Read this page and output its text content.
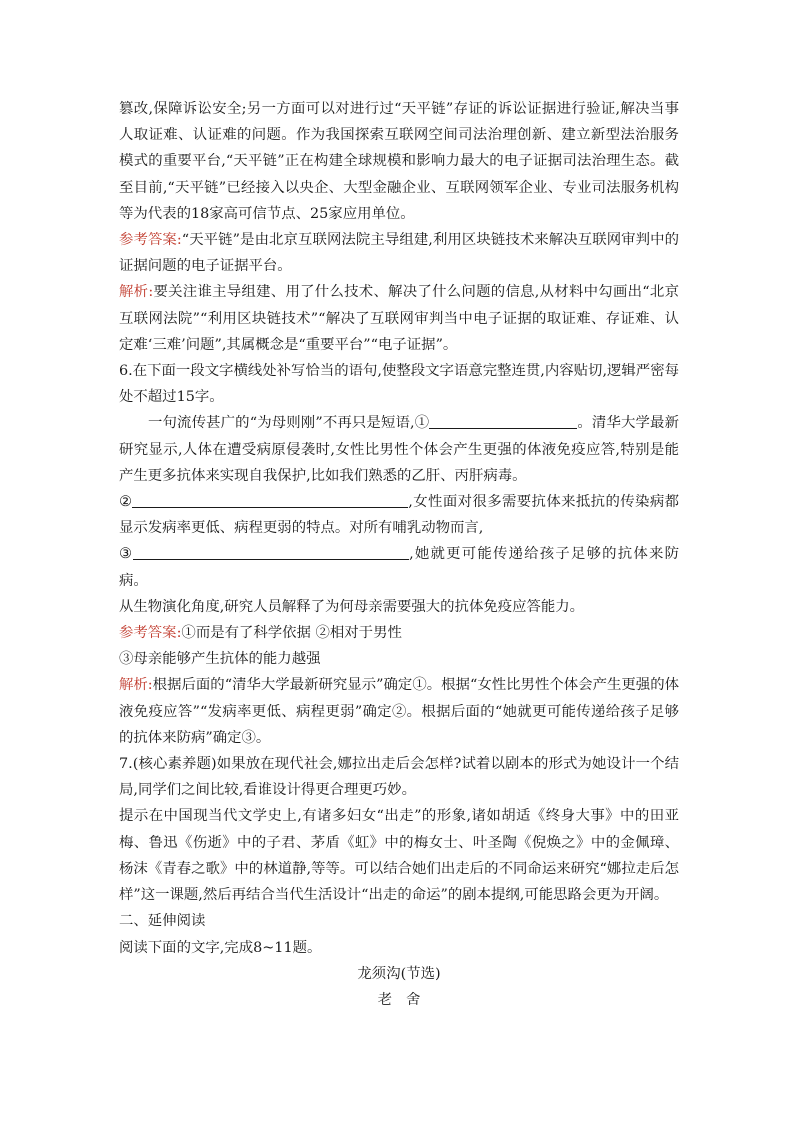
篡改,保障诉讼安全;另一方面可以对进行过“天平链”存证的诉讼证据进行验证,解决当事人取证难、认证难的问题。作为我国探索互联网空间司法治理创新、建立新型法治服务模式的重要平台,“天平链”正在构建全球规模和影响力最大的电子证据司法治理生态。截至目前,“天平链”已经接入以央企、大型金融企业、互联网领军企业、专业司法服务机构等为代表的18家高可信节点、25家应用单位。

参考答案:“天平链”是由北京互联网法院主导组建,利用区块链技术来解决互联网审判中的证据问题的电子证据平台。

解析:要关注谁主导组建、用了什么技术、解决了什么问题的信息,从材料中勾画出“北京互联网法院”“利用区块链技术”“解决了互联网审判当中电子证据的取证难、存证难、认定难‘三难’问题”,其属概念是“重要平台”“电子证据”。

6.在下面一段文字横线处补写恰当的语句,使整段文字语意完整连贯,内容贴切,逻辑严密每处不超过15字。

一句流传甚广的“为母则刚”不再只是短语,①	。清华大学最新研究显示,人体在遭受病原侵袭时,女性比男性个体会产生更强的体液免疫应答,特别是能产生更多抗体来实现自我保护,比如我们熟悉的乙肝、丙肝病毒。

②	,女性面对很多需要抗体来抵抗的传染病都显示发病率更低、病程更弱的特点。对所有哺乳动物而言,

③	,她就更可能传递给孩子足够的抗体来防病。

从生物演化角度,研究人员解释了为何母亲需要强大的抗体免疫应答能力。

参考答案:①而是有了科学依据 ②相对于男性

③母亲能够产生抗体的能力越强

解析:根据后面的“清华大学最新研究显示”确定①。根据“女性比男性个体会产生更强的体液免疫应答”“发病率更低、病程更弱”确定②。根据后面的“她就更可能传递给孩子足够的抗体来防病”确定③。

7.(核心素养题)如果放在现代社会,娜拉出走后会怎样?试着以剧本的形式为她设计一个结局,同学们之间比较,看谁设计得更合理更巧妙。

提示在中国现当代文学史上,有诸多妇女“出走”的形象,诸如胡适《终身大事》中的田亚梅、鲁迅《伤逝》中的子君、茅盾《虹》中的梅女士、叶圣陶《倪焕之》中的金佩璋、杨沫《青春之歌》中的林道静,等等。可以结合她们出走后的不同命运来研究“娜拉走后怎样”这一课题,然后再结合当代生活设计“出走的命运”的剧本提纲,可能思路会更为开阔。

二、延伸阅读

阅读下面的文字,完成8~11题。

龙须沟(节选)

老舍
